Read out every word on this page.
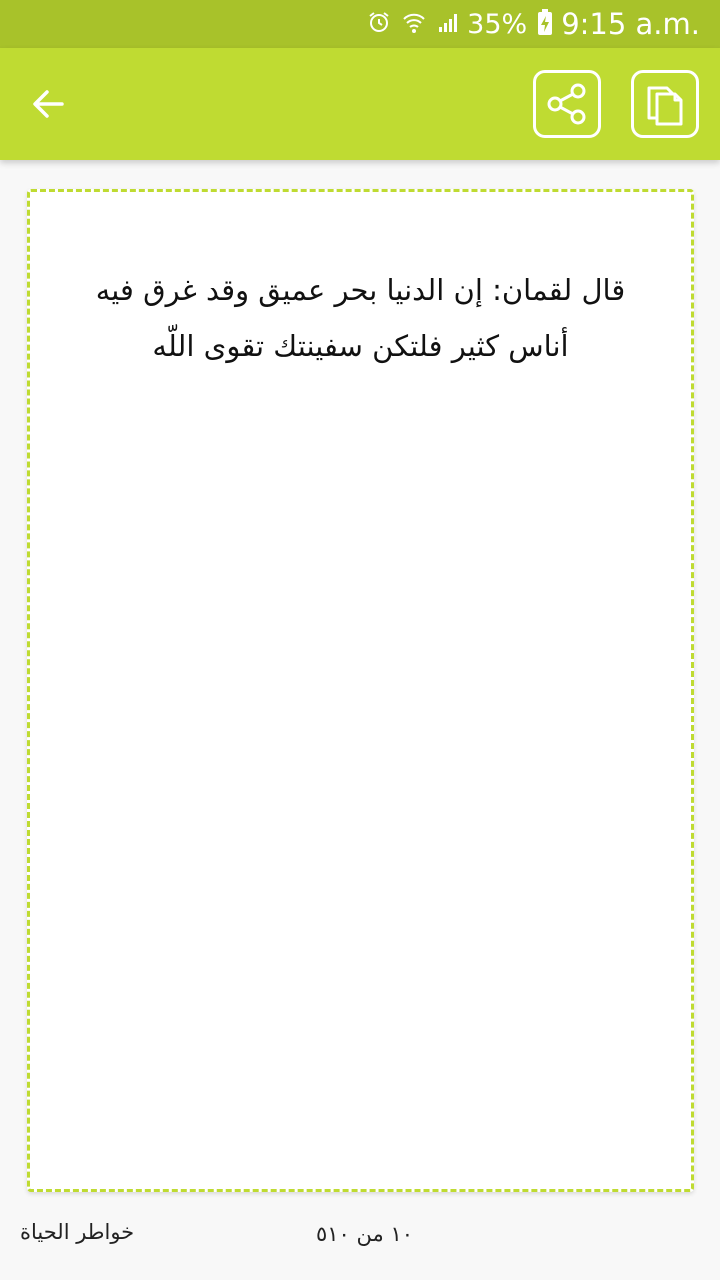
35% 9:15 a.m.
قال لقمان: إن الدنيا بحر عميق وقد غرق فيه أناس كثير فلتكن سفينتك تقوى اللّه
خواطر الحياة	١٠ من ٥١٠
